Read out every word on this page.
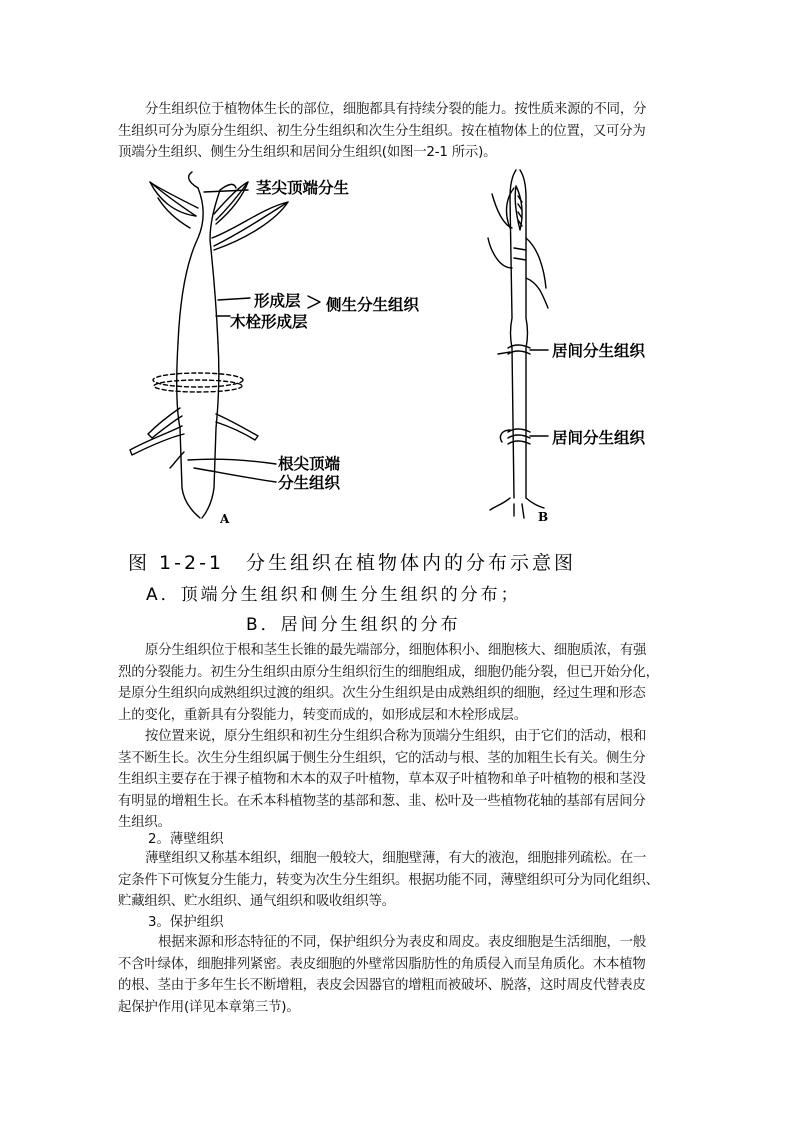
分生组织位于植物体生长的部位，细胞都具有持续分裂的能力。按性质来源的不同，分
生组织可分为原分生组织、初生分生组织和次生分生组织。按在植物体上的位置，又可分为
顶端分生组织、侧生分生组织和居间分生组织(如图一2-1 所示)。
茎尖顶端分生
形成层
木栓形成层
侧生分生组织
根尖顶端
分生组织
居间分生组织
居间分生组织
A	B
图 1-2-1　分生组织在植物体内的分布示意图
A．顶端分生组织和侧生分生组织的分布；
B．居间分生组织的分布
原分生组织位于根和茎生长锥的最先端部分，细胞体积小、细胞核大、细胞质浓，有强
烈的分裂能力。初生分生组织由原分生组织衍生的细胞组成，细胞仍能分裂，但已开始分化，
是原分生组织向成熟组织过渡的组织。次生分生组织是由成熟组织的细胞，经过生理和形态
上的变化，重新具有分裂能力，转变而成的，如形成层和木栓形成层。
按位置来说，原分生组织和初生分生组织合称为顶端分生组织，由于它们的活动，根和
茎不断生长。次生分生组织属于侧生分生组织，它的活动与根、茎的加粗生长有关。侧生分
生组织主要存在于裸子植物和木本的双子叶植物，草本双子叶植物和单子叶植物的根和茎没
有明显的增粗生长。在禾本科植物茎的基部和葱、韭、松叶及一些植物花轴的基部有居间分
生组织。
2。薄壁组织
薄壁组织又称基本组织，细胞一般较大，细胞壁薄，有大的液泡，细胞排列疏松。在一
定条件下可恢复分生能力，转变为次生分生组织。根据功能不同，薄壁组织可分为同化组织、
贮藏组织、贮水组织、通气组织和吸收组织等。
3。保护组织
根据来源和形态特征的不同，保护组织分为表皮和周皮。表皮细胞是生活细胞，一般
不含叶绿体，细胞排列紧密。表皮细胞的外壁常因脂肪性的角质侵入而呈角质化。木本植物
的根、茎由于多年生长不断增粗，表皮会因器官的增粗而被破坏、脱落，这时周皮代替表皮
起保护作用(详见本章第三节)。
